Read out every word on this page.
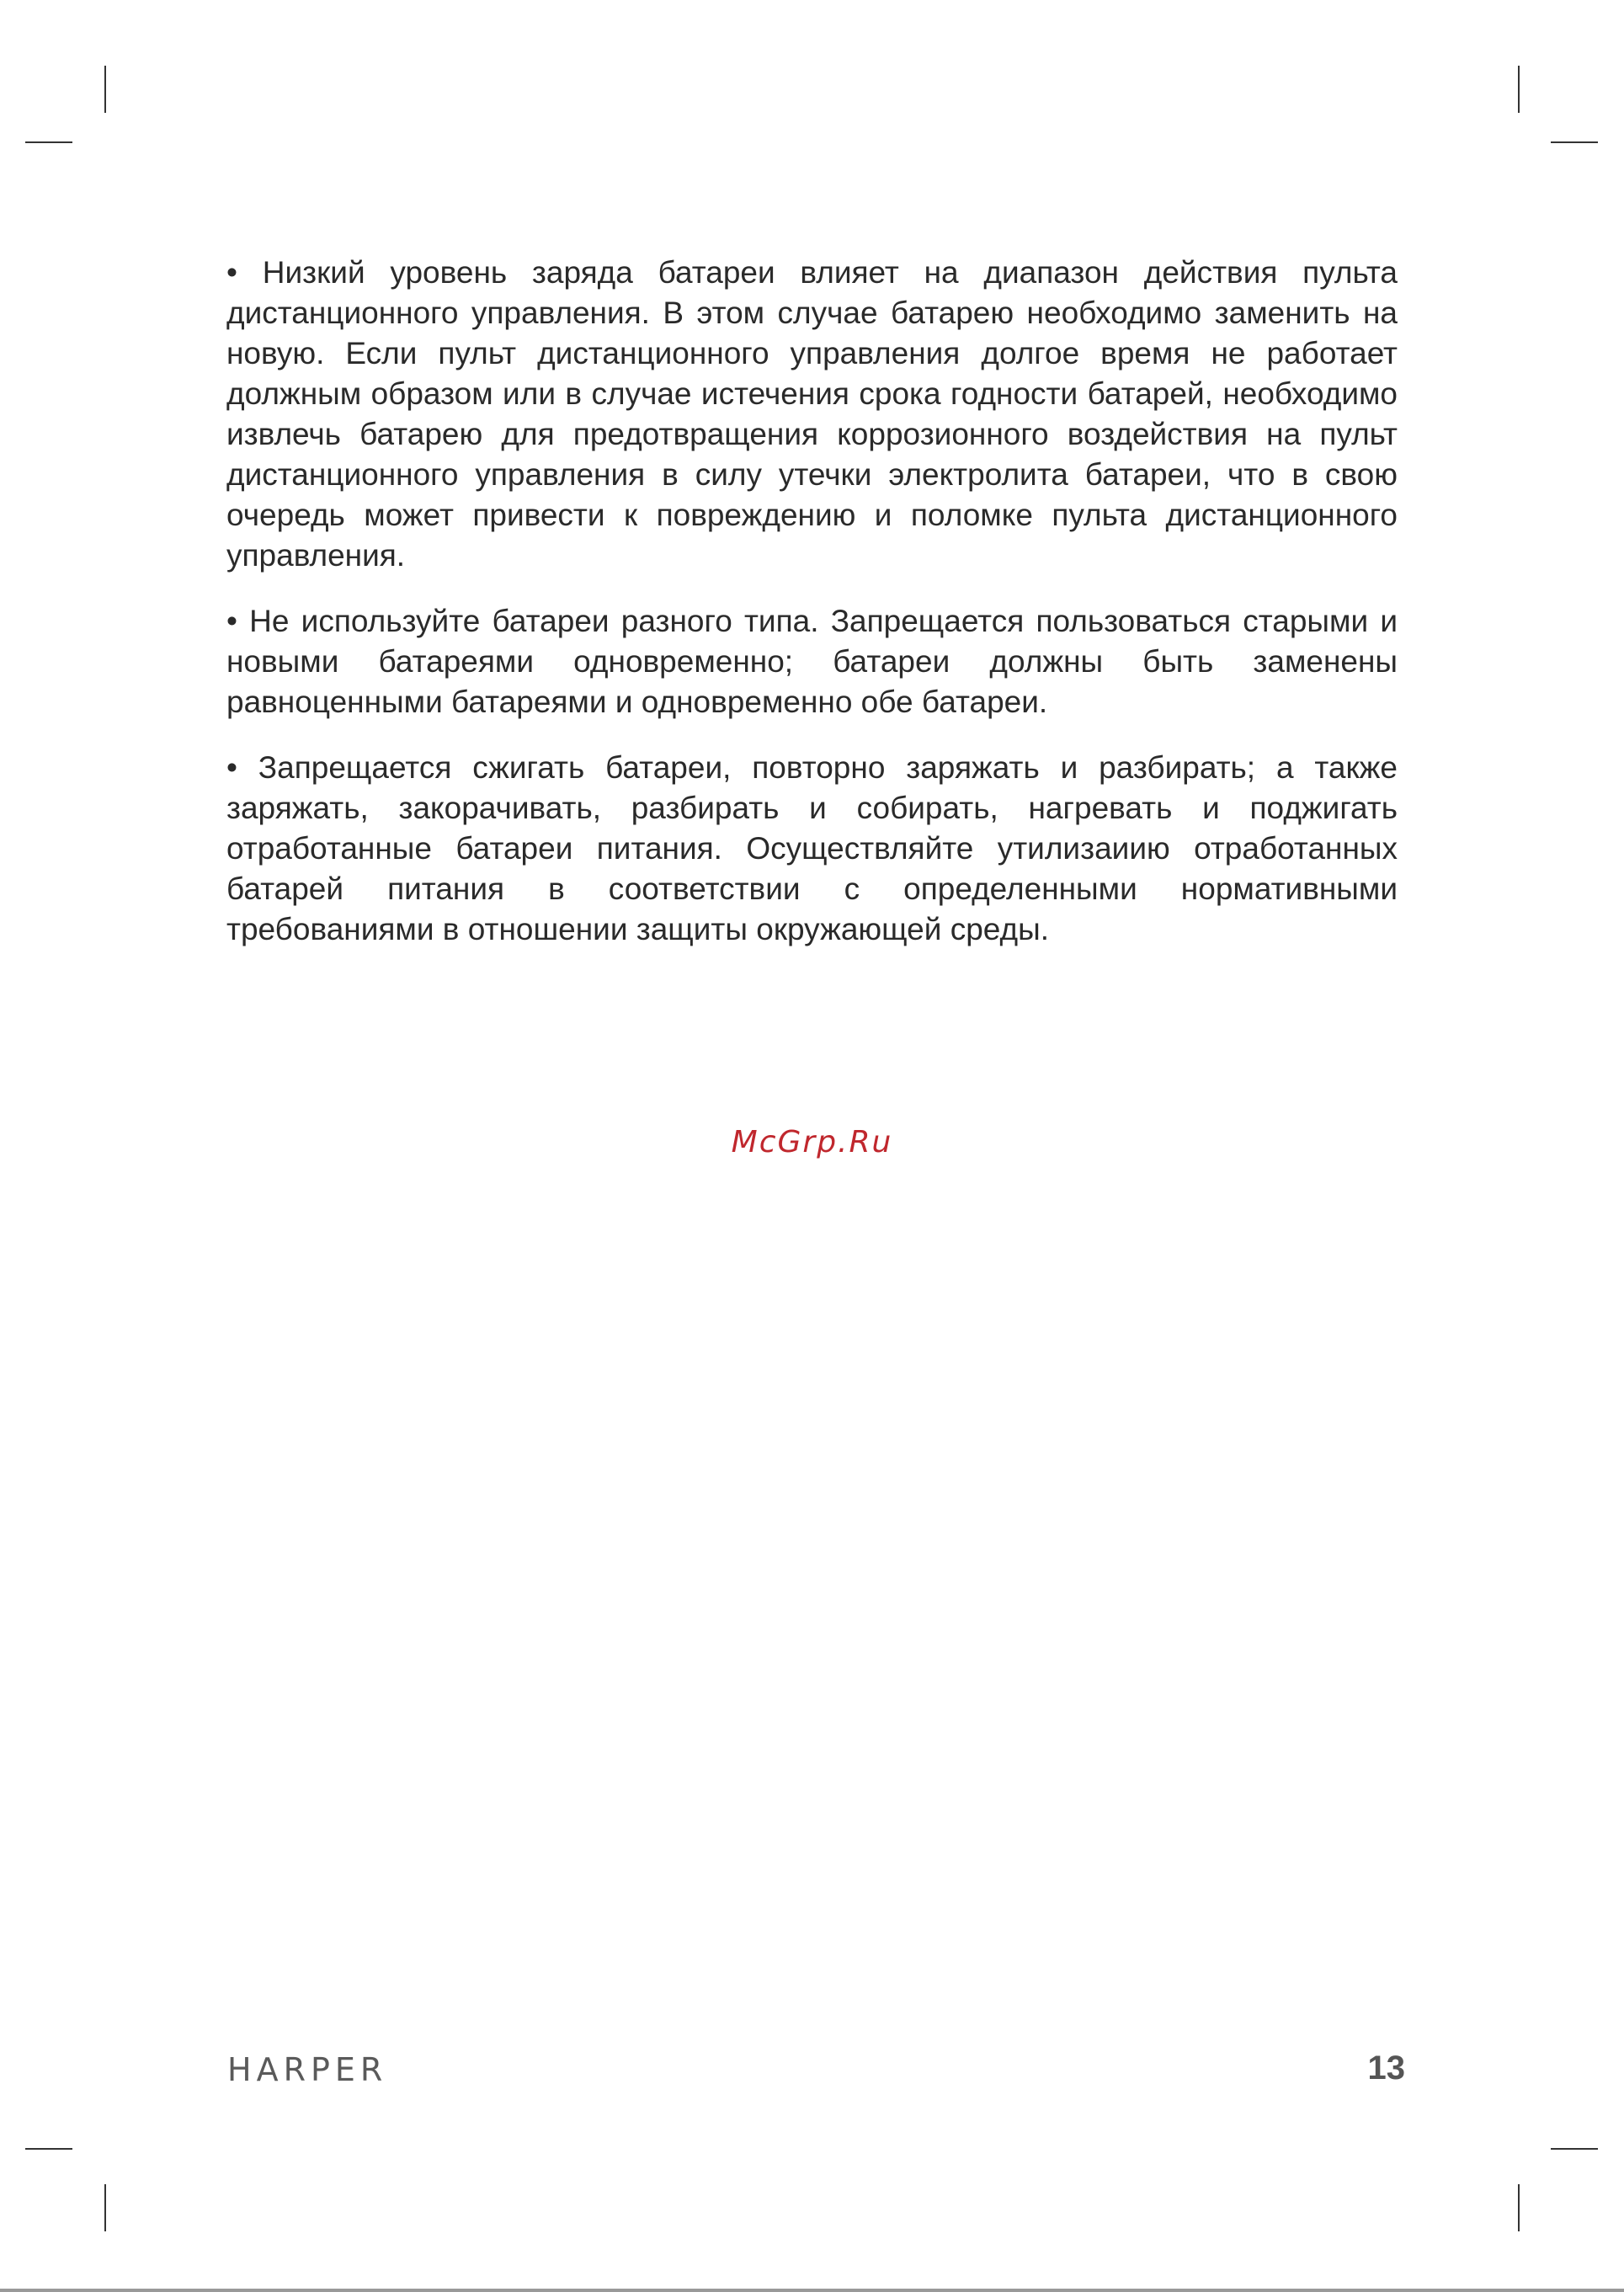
• Низкий уровень заряда батареи влияет на диапазон действия пульта дистанционного управления. В этом случае батарею необходимо заменить на новую. Если пульт дистанционного управления долгое время не работает должным образом или в случае истечения срока годности батарей, необходимо извлечь батарею для предотвращения коррозионного воздействия на пульт дистанционного управления в силу утечки электролита батареи, что в свою очередь может привести к повреждению и поломке пульта дистанционного управления.

• Не используйте батареи разного типа. Запрещается пользоваться старыми и новыми батареями одновременно; батареи должны быть заменены равноценными батареями и одновременно обе батареи.

• Запрещается сжигать батареи, повторно заряжать и разбирать; а также заряжать, закорачивать, разбирать и собирать, нагревать и поджигать отработанные батареи питания. Осуществляйте утилизаиию отработанных батарей питания в соответствии с определенными нормативными требованиями в отношении защиты окружающей среды.

McGrp.Ru
HARPER	13
